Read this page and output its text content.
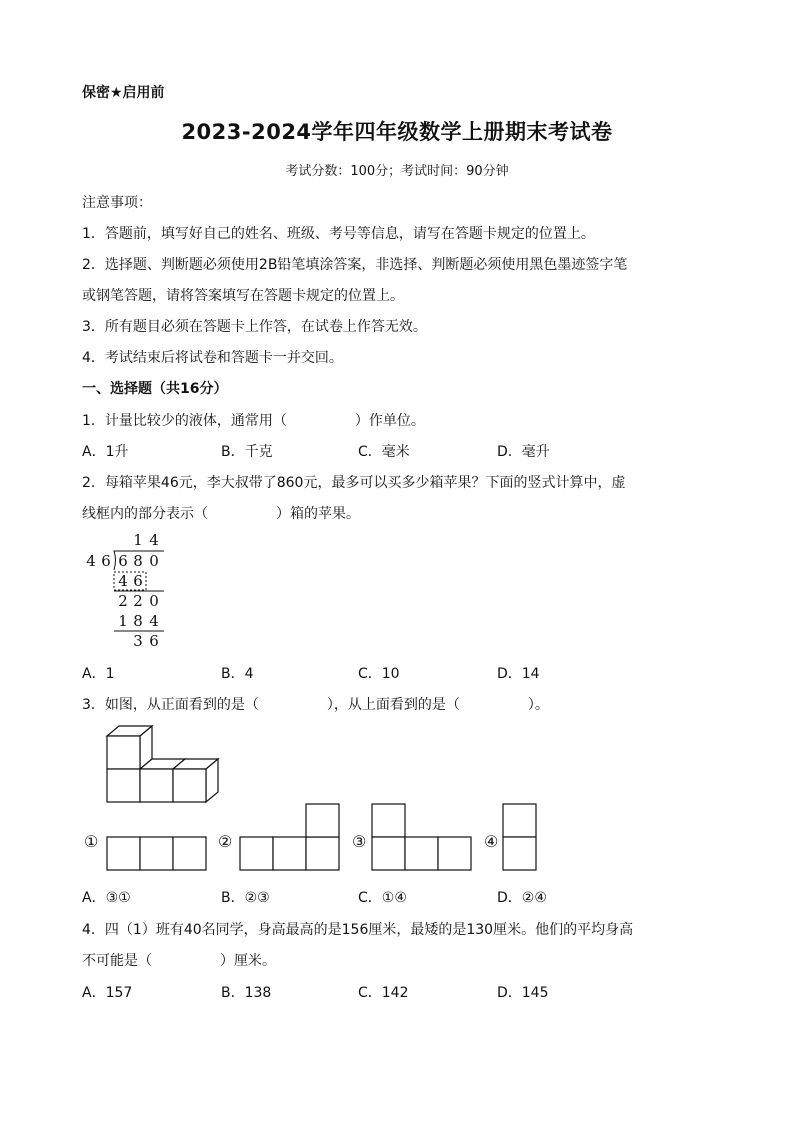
保密★启用前
2023-2024学年四年级数学上册期末考试卷
考试分数：100分；考试时间：90分钟
注意事项：
1．答题前，填写好自己的姓名、班级、考号等信息，请写在答题卡规定的位置上。
2．选择题、判断题必须使用2B铅笔填涂答案，非选择、判断题必须使用黑色墨迹签字笔
或钢笔答题，请将答案填写在答题卡规定的位置上。
3．所有题目必须在答题卡上作答，在试卷上作答无效。
4．考试结束后将试卷和答题卡一并交回。
一、选择题（共16分）
1．计量比较少的液体，通常用（	）作单位。
A．1升	B．千克	C．毫米	D．毫升
2．每箱苹果46元，李大叔带了860元，最多可以买多少箱苹果？下面的竖式计算中，虚
线框内的部分表示（	）箱的苹果。
1 4
4 6 6 8 0
4 6
2 2 0
1 8 4
3 6
A．1	B．4	C．10	D．14
3．如图，从正面看到的是（	），从上面看到的是（	）。
①	②	③	④
A．③①	B．②③	C．①④	D．②④
4．四（1）班有40名同学，身高最高的是156厘米，最矮的是130厘米。他们的平均身高
不可能是（	）厘米。
A．157	B．138	C．142	D．145
